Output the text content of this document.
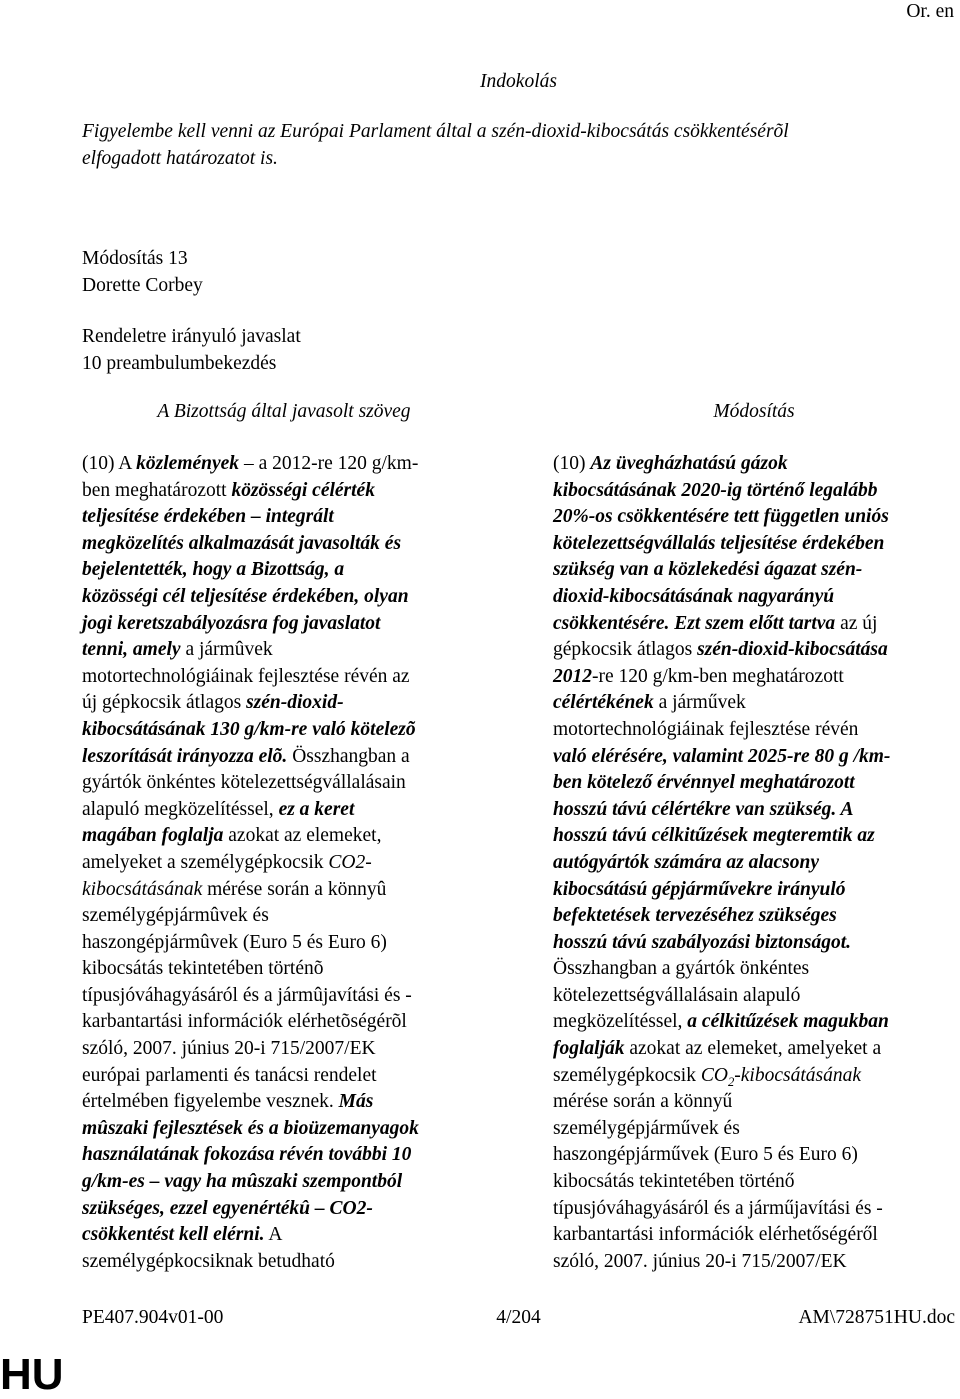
Or. en
Indokolás
Figyelembe kell venni az Európai Parlament által a szén-dioxid-kibocsátás csökkentésérõl
elfogadott határozatot is.
Módosítás 13
Dorette Corbey
Rendeletre irányuló javaslat
10 preambulumbekezdés
A Bizottság által javasolt szöveg	Módosítás
(10) A közlemények – a 2012-re 120 g/km-
ben meghatározott közösségi célérték
teljesítése érdekében – integrált
megközelítés alkalmazását javasolták és
bejelentették, hogy a Bizottság, a
közösségi cél teljesítése érdekében, olyan
jogi keretszabályozásra fog javaslatot
tenni, amely a jármûvek
motortechnológiáinak fejlesztése révén az
új gépkocsik átlagos szén-dioxid-
kibocsátásának 130 g/km-re való kötelezõ
leszorítását irányozza elõ. Összhangban a
gyártók önkéntes kötelezettségvállalásain
alapuló megközelítéssel, ez a keret
magában foglalja azokat az elemeket,
amelyeket a személygépkocsik CO2-
kibocsátásának mérése során a könnyû
személygépjármûvek és
haszongépjármûvek (Euro 5 és Euro 6)
kibocsátás tekintetében történõ
típusjóváhagyásáról és a jármûjavítási és -
karbantartási információk elérhetõségérõl
szóló, 2007. június 20-i 715/2007/EK
európai parlamenti és tanácsi rendelet
értelmében figyelembe vesznek. Más
mûszaki fejlesztések és a bioüzemanyagok
használatának fokozása révén további 10
g/km-es – vagy ha mûszaki szempontból
szükséges, ezzel egyenértékû – CO2-
csökkentést kell elérni. A
személygépkocsiknak betudható
(10) Az üvegházhatású gázok
kibocsátásának 2020-ig történő legalább
20%-os csökkentésére tett független uniós
kötelezettségvállalás teljesítése érdekében
szükség van a közlekedési ágazat szén-
dioxid-kibocsátásának nagyarányú
csökkentésére. Ezt szem előtt tartva az új
gépkocsik átlagos szén-dioxid-kibocsátása
2012-re 120 g/km-ben meghatározott
célértékének a járművek
motortechnológiáinak fejlesztése révén
való elérésére, valamint 2025-re 80 g /km-
ben kötelező érvénnyel meghatározott
hosszú távú célértékre van szükség. A
hosszú távú célkitűzések megteremtik az
autógyártók számára az alacsony
kibocsátású gépjárművekre irányuló
befektetések tervezéséhez szükséges
hosszú távú szabályozási biztonságot.
Összhangban a gyártók önkéntes
kötelezettségvállalásain alapuló
megközelítéssel, a célkitűzések magukban
foglalják azokat az elemeket, amelyeket a
személygépkocsik $CO_2$-kibocsátásának
mérése során a könnyű
személygépjárművek és
haszongépjárművek (Euro 5 és Euro 6)
kibocsátás tekintetében történő
típusjóváhagyásáról és a járműjavítási és -
karbantartási információk elérhetőségéről
szóló, 2007. június 20-i 715/2007/EK
PE407.904v01-00	4/204	AM\728751HU.doc
HU
